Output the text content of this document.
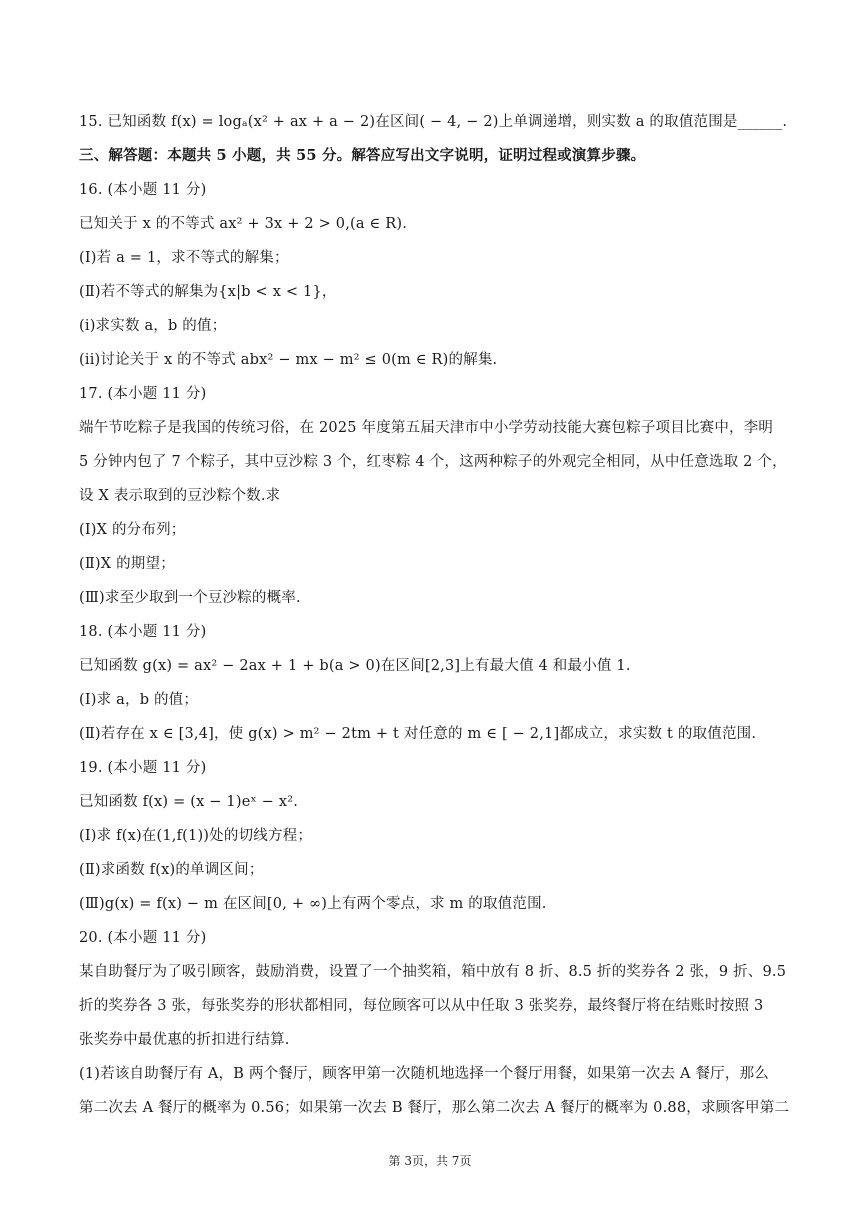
15. 已知函数 f(x) = logₐ(x² + ax + a − 2)在区间( − 4, − 2)上单调递增，则实数 a 的取值范围是______.
三、解答题：本题共 5 小题，共 55 分。解答应写出文字说明，证明过程或演算步骤。
16. (本小题 11 分)
已知关于 x 的不等式 ax² + 3x + 2 > 0,(a ∈ R).
(I)若 a = 1，求不等式的解集；
(Ⅱ)若不等式的解集为{x|b < x < 1}，
(i)求实数 a，b 的值；
(ii)讨论关于 x 的不等式 abx² − mx − m² ≤ 0(m ∈ R)的解集.
17. (本小题 11 分)
端午节吃粽子是我国的传统习俗，在 2025 年度第五届天津市中小学劳动技能大赛包粽子项目比赛中，李明
5 分钟内包了 7 个粽子，其中豆沙粽 3 个，红枣粽 4 个，这两种粽子的外观完全相同，从中任意选取 2 个，
设 X 表示取到的豆沙粽个数.求
(I)X 的分布列；
(Ⅱ)X 的期望；
(Ⅲ)求至少取到一个豆沙粽的概率.
18. (本小题 11 分)
已知函数 g(x) = ax² − 2ax + 1 + b(a > 0)在区间[2,3]上有最大值 4 和最小值 1.
(I)求 a，b 的值；
(Ⅱ)若存在 x ∈ [3,4]，使 g(x) > m² − 2tm + t 对任意的 m ∈ [ − 2,1]都成立，求实数 t 的取值范围.
19. (本小题 11 分)
已知函数 f(x) = (x − 1)eˣ − x².
(I)求 f(x)在(1,f(1))处的切线方程；
(Ⅱ)求函数 f(x)的单调区间；
(Ⅲ)g(x) = f(x) − m 在区间[0, + ∞)上有两个零点，求 m 的取值范围.
20. (本小题 11 分)
某自助餐厅为了吸引顾客，鼓励消费，设置了一个抽奖箱，箱中放有 8 折、8.5 折的奖券各 2 张，9 折、9.5
折的奖券各 3 张，每张奖券的形状都相同，每位顾客可以从中任取 3 张奖券，最终餐厅将在结账时按照 3
张奖券中最优惠的折扣进行结算.
(1)若该自助餐厅有 A，B 两个餐厅，顾客甲第一次随机地选择一个餐厅用餐，如果第一次去 A 餐厅，那么
第二次去 A 餐厅的概率为 0.56；如果第一次去 B 餐厅，那么第二次去 A 餐厅的概率为 0.88，求顾客甲第二
第 3页，共 7页
